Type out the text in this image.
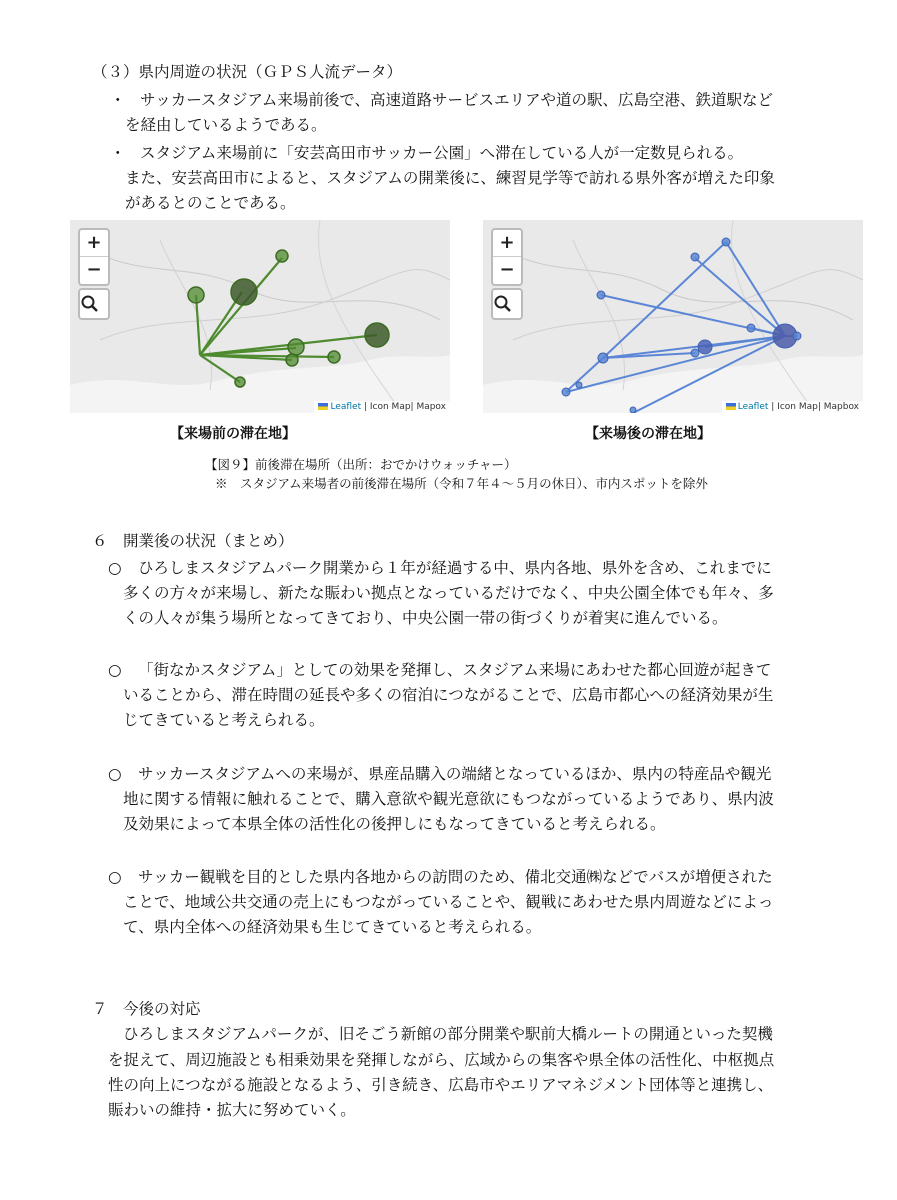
（３）県内周遊の状況（ＧＰＳ人流データ）
・ サッカースタジアム来場前後で、高速道路サービスエリアや道の駅、広島空港、鉄道駅など
を経由しているようである。
・ スタジアム来場前に「安芸高田市サッカー公園」へ滞在している人が一定数見られる。
また、安芸高田市によると、スタジアムの開業後に、練習見学等で訪れる県外客が増えた印象
があるとのことである。
+
−
Leaflet | Icon Map| Mapox
+
−
Leaflet | Icon Map| Mapbox
【来場前の滞在地】	【来場後の滞在地】
【図９】前後滞在場所（出所：おでかけウォッチャー）
※　スタジアム来場者の前後滞在場所（令和７年４～５月の休日）、市内スポットを除外
６　開業後の状況（まとめ）
○ ひろしまスタジアムパーク開業から１年が経過する中、県内各地、県外を含め、これまでに
多くの方々が来場し、新たな賑わい拠点となっているだけでなく、中央公園全体でも年々、多
くの人々が集う場所となってきており、中央公園一帯の街づくりが着実に進んでいる。
○ 「街なかスタジアム」としての効果を発揮し、スタジアム来場にあわせた都心回遊が起きて
いることから、滞在時間の延長や多くの宿泊につながることで、広島市都心への経済効果が生
じてきていると考えられる。
○ サッカースタジアムへの来場が、県産品購入の端緒となっているほか、県内の特産品や観光
地に関する情報に触れることで、購入意欲や観光意欲にもつながっているようであり、県内波
及効果によって本県全体の活性化の後押しにもなってきていると考えられる。
○ サッカー観戦を目的とした県内各地からの訪問のため、備北交通㈱などでバスが増便された
ことで、地域公共交通の売上にもつながっていることや、観戦にあわせた県内周遊などによっ
て、県内全体への経済効果も生じてきていると考えられる。
７　今後の対応
ひろしまスタジアムパークが、旧そごう新館の部分開業や駅前大橋ルートの開通といった契機
を捉えて、周辺施設とも相乗効果を発揮しながら、広域からの集客や県全体の活性化、中枢拠点
性の向上につながる施設となるよう、引き続き、広島市やエリアマネジメント団体等と連携し、
賑わいの維持・拡大に努めていく。
